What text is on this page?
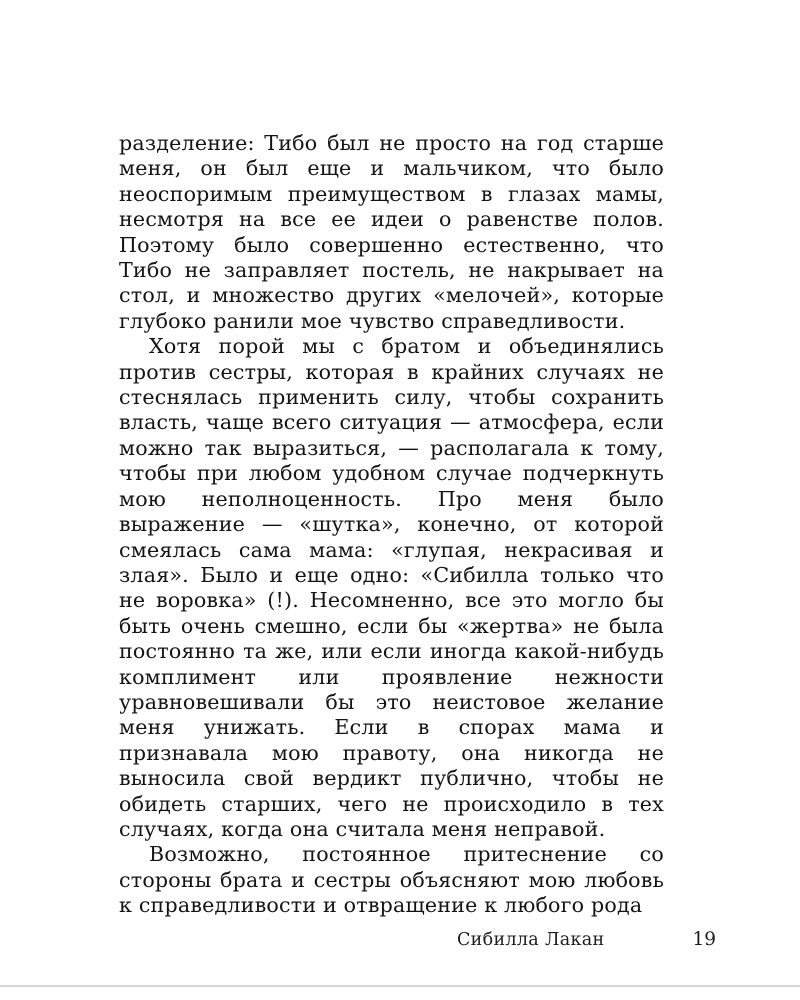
разделение: Тибо был не просто на год старше меня, он был еще и мальчиком, что было неоспоримым преимуществом в глазах мамы, несмотря на все ее идеи о равенстве полов. Поэтому было совершенно естественно, что Тибо не заправляет постель, не накрывает на стол, и множество других «мелочей», которые глубоко ранили мое чувство справедливости.

Хотя порой мы с братом и объединялись против сестры, которая в крайних случаях не стеснялась применить силу, чтобы сохранить власть, чаще всего ситуация — атмосфера, если можно так выразиться, — располагала к тому, чтобы при любом удобном случае подчеркнуть мою неполноценность. Про меня было выражение — «шутка», конечно, от которой смеялась сама мама: «глупая, некрасивая и злая». Было и еще одно: «Сибилла только что не воровка» (!). Несомненно, все это могло бы быть очень смешно, если бы «жертва» не была постоянно та же, или если иногда какой-нибудь комплимент или проявление нежности уравновешивали бы это неистовое желание меня унижать. Если в спорах мама и признавала мою правоту, она никогда не выносила свой вердикт публично, чтобы не обидеть старших, чего не происходило в тех случаях, когда она считала меня неправой.

Возможно, постоянное притеснение со стороны брата и сестры объясняют мою любовь к справедливости и отвращение к любого рода

Сибилла Лакан	19
